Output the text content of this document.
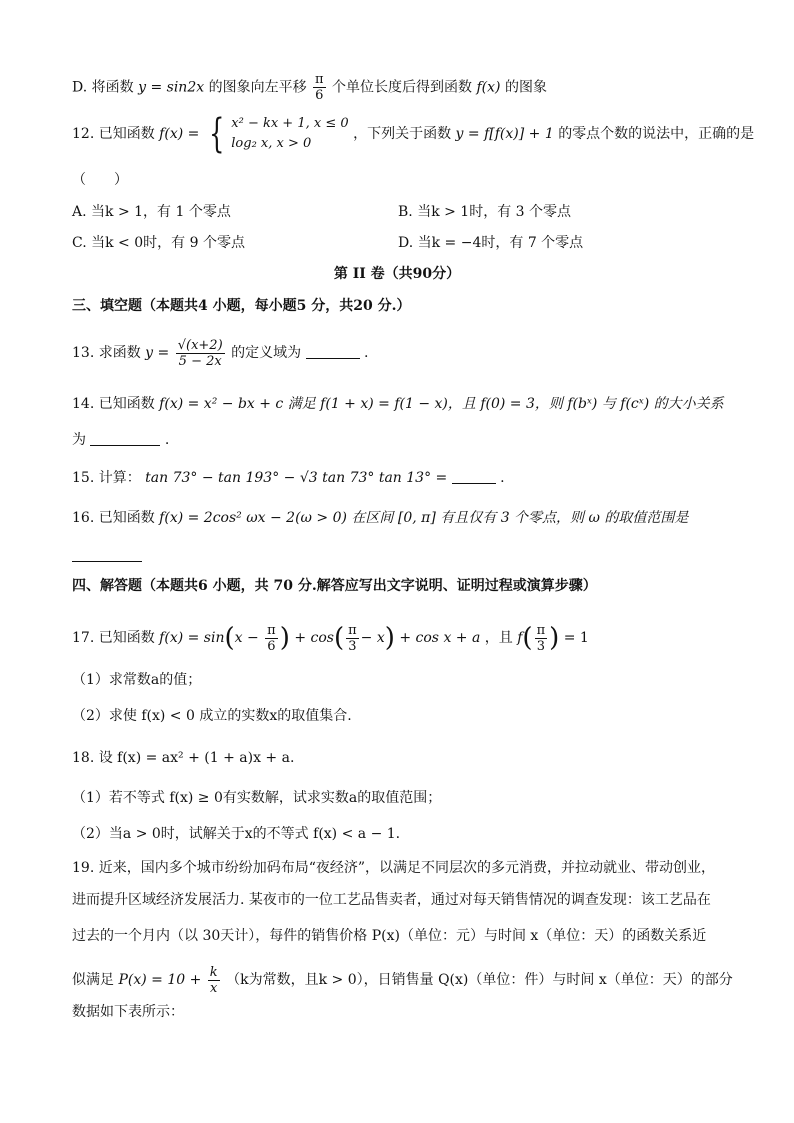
D. 将函数 y = sin2x 的图象向左平移 $\frac{\pi}{6}$ 个单位长度后得到函数 f(x) 的图象
12. 已知函数 f(x) = { x² − kx + 1, x ≤ 0
log₂ x, x > 0
，下列关于函数 y = f[f(x)] + 1 的零点个数的说法中，正确的是
（　　）
A. 当k > 1，有 1 个零点	B. 当k > 1时，有 3 个零点
C. 当k < 0时，有 9 个零点	D. 当k = −4时，有 7 个零点
第 II 卷（共90分）
三、填空题（本题共4 小题，每小题5 分，共20 分.）
13. 求函数 $y = \frac{√(x+2)}{5 - 2x}$ 的定义域为	.
14. 已知函数 f(x) = x² − bx + c 满足 f(1 + x) = f(1 − x)，且 f(0) = 3，则 f(bˣ) 与 f(cˣ) 的大小关系
为	.
15. 计算： tan 73° − tan 193° − √3 tan 73° tan 13° =	.
16. 已知函数 f(x) = 2cos² ωx − 2(ω > 0) 在区间 [0, π] 有且仅有 3 个零点，则 ω 的取值范围是
四、解答题（本题共6 小题，共 70 分.解答应写出文字说明、证明过程或演算步骤）
17. 已知函数 $f(x) = \sin(x - \frac{\pi}{6}$ ) + $\cos( \frac{\pi}{3} - x) + \cos x + a$ ，且 $f( \frac{\pi}{3}$ ) = 1
（1）求常数a的值；
（2）求使 f(x) < 0 成立的实数x的取值集合.
18. 设 f(x) = ax² + (1 + a)x + a.
（1）若不等式 f(x) ≥ 0有实数解，试求实数a的取值范围；
（2）当a > 0时，试解关于x的不等式 f(x) < a − 1.
19. 近来，国内多个城市纷纷加码布局“夜经济”，以满足不同层次的多元消费，并拉动就业、带动创业，
进而提升区域经济发展活力. 某夜市的一位工艺品售卖者，通过对每天销售情况的调查发现：该工艺品在
过去的一个月内（以 30天计），每件的销售价格 P(x)（单位：元）与时间 x（单位：天）的函数关系近
似满足 $P(x) = 10 + \frac{k}{x} (k$为常数，且k > 0），日销售量 Q(x)（单位：件）与时间 x（单位：天）的部分
数据如下表所示：
